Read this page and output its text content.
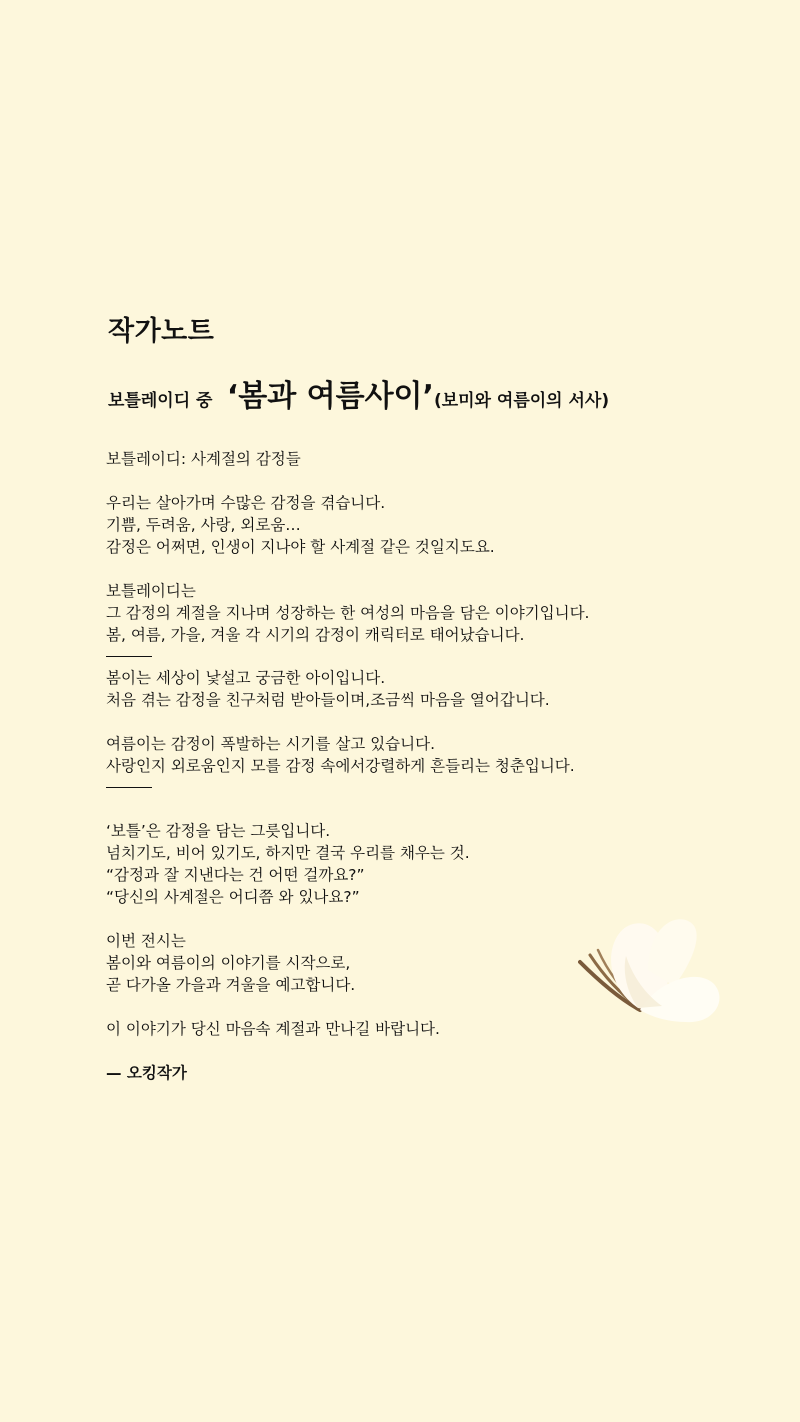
작가노트
보틀레이디 중 ‘봄과 여름사이’(보미와 여름이의 서사)
보틀레이디: 사계절의 감정들
우리는 살아가며 수많은 감정을 겪습니다.
기쁨, 두려움, 사랑, 외로움…
감정은 어쩌면, 인생이 지나야 할 사계절 같은 것일지도요.
보틀레이디는
그 감정의 계절을 지나며 성장하는 한 여성의 마음을 담은 이야기입니다.
봄, 여름, 가을, 겨울 각 시기의 감정이 캐릭터로 태어났습니다.
봄이는 세상이 낯설고 궁금한 아이입니다.
처음 겪는 감정을 친구처럼 받아들이며,조금씩 마음을 열어갑니다.
여름이는 감정이 폭발하는 시기를 살고 있습니다.
사랑인지 외로움인지 모를 감정 속에서강렬하게 흔들리는 청춘입니다.
‘보틀’은 감정을 담는 그릇입니다.
넘치기도, 비어 있기도, 하지만 결국 우리를 채우는 것.
“감정과 잘 지낸다는 건 어떤 걸까요?”
“당신의 사계절은 어디쯤 와 있나요?”
이번 전시는
봄이와 여름이의 이야기를 시작으로,
곧 다가올 가을과 겨울을 예고합니다.
이 이야기가 당신 마음속 계절과 만나길 바랍니다.
— 오킹작가
